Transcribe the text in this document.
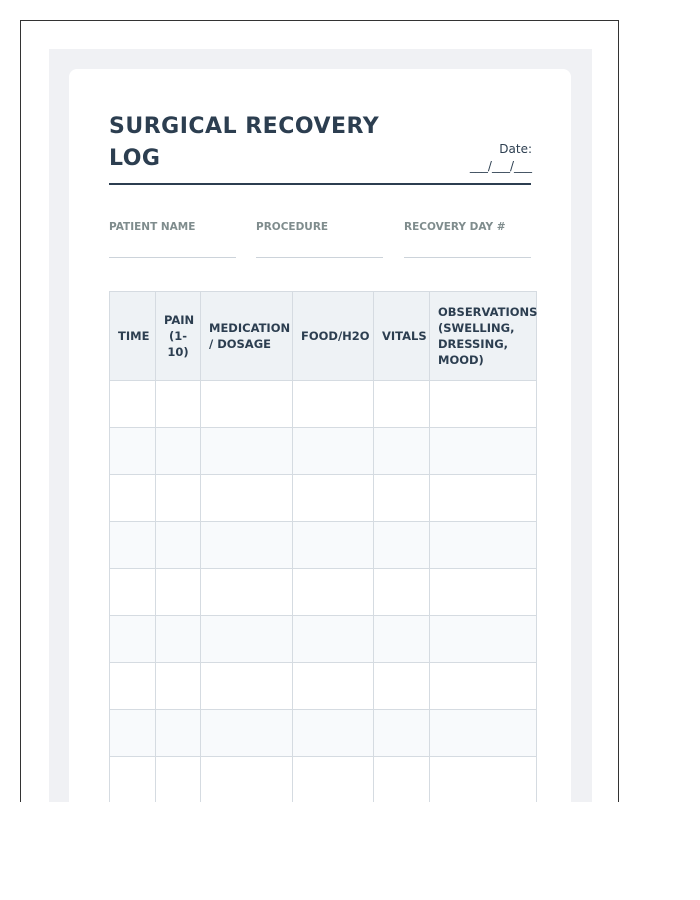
SURGICAL RECOVERY LOG	Date:
___/___/___
PATIENT NAME	PROCEDURE	RECOVERY DAY #
TIME	PAIN (1-10)	MEDICATION / DOSAGE	FOOD/H2O	VITALS	OBSERVATIONS (SWELLING, DRESSING, MOOD)
